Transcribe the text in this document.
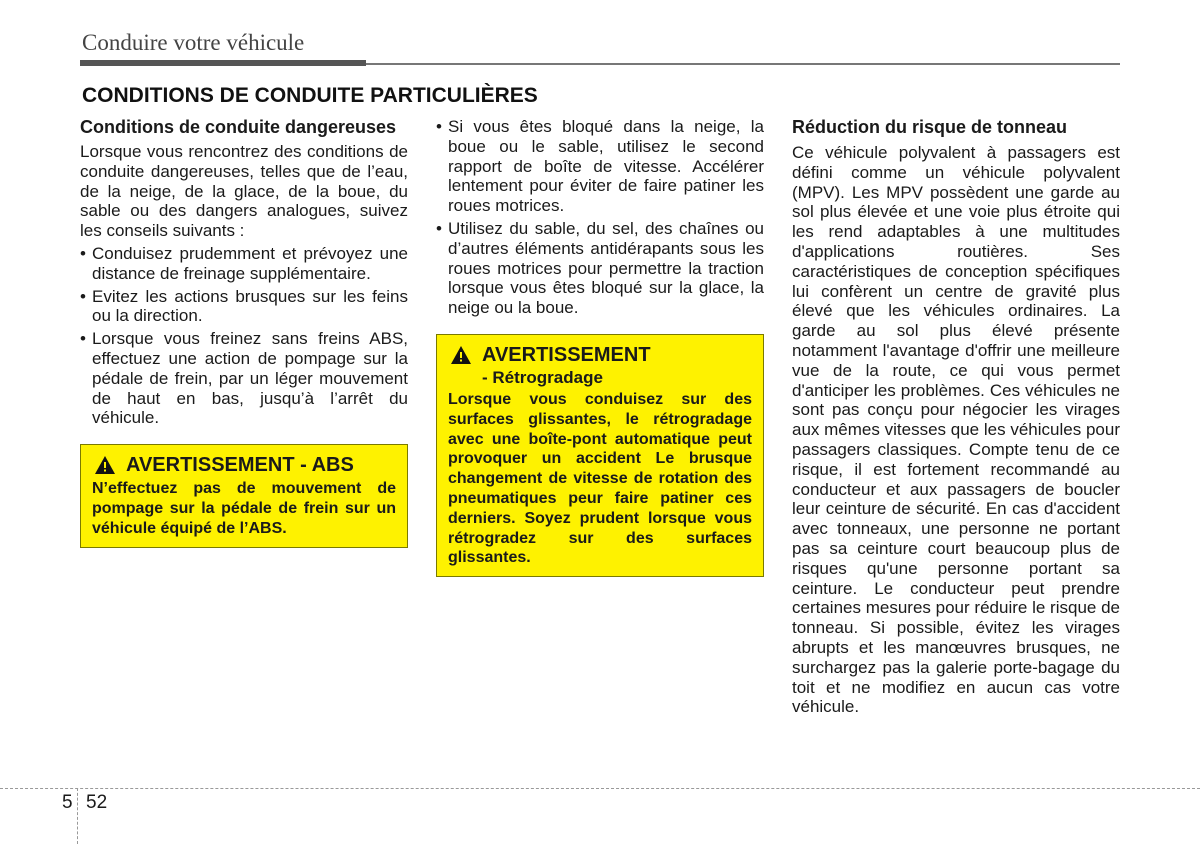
Conduire votre véhicule
CONDITIONS DE CONDUITE PARTICULIÈRES
Conditions de conduite dangereuses

Lorsque vous rencontrez des conditions de conduite dangereuses, telles que de l’eau, de la neige, de la glace, de la boue, du sable ou des dangers analogues, suivez les conseils suivants :

• Conduisez prudemment et prévoyez une distance de freinage supplémentaire.
• Evitez les actions brusques sur les feins ou la direction.
• Lorsque vous freinez sans freins ABS, effectuez une action de pompage sur la pédale de frein, par un léger mouvement de haut en bas, jusqu’à l’arrêt du véhicule.
AVERTISSEMENT - ABS
N’effectuez pas de mouvement de pompage sur la pédale de frein sur un véhicule équipé de l’ABS.
• Si vous êtes bloqué dans la neige, la boue ou le sable, utilisez le second rapport de boîte de vitesse. Accélérer lentement pour éviter de faire patiner les roues motrices.
• Utilisez du sable, du sel, des chaînes ou d’autres éléments antidérapants sous les roues motrices pour permettre la traction lorsque vous êtes bloqué sur la glace, la neige ou la boue.
AVERTISSEMENT
- Rétrogradage
Lorsque vous conduisez sur des surfaces glissantes, le rétrogradage avec une boîte-pont automatique peut provoquer un accident Le brusque changement de vitesse de rotation des pneumatiques peur faire patiner ces derniers. Soyez prudent lorsque vous rétrogradez sur des surfaces glissantes.
Réduction du risque de tonneau

Ce véhicule polyvalent à passagers est défini comme un véhicule polyvalent (MPV). Les MPV possèdent une garde au sol plus élevée et une voie plus étroite qui les rend adaptables à une multitudes d'applications routières. Ses caractéristiques de conception spécifiques lui confèrent un centre de gravité plus élevé que les véhicules ordinaires. La garde au sol plus élevé présente notamment l'avantage d'offrir une meilleure vue de la route, ce qui vous permet d'anticiper les problèmes. Ces véhicules ne sont pas conçu pour négocier les virages aux mêmes vitesses que les véhicules pour passagers classiques. Compte tenu de ce risque, il est fortement recommandé au conducteur et aux passagers de boucler leur ceinture de sécurité. En cas d'accident avec tonneaux, une personne ne portant pas sa ceinture court beaucoup plus de risques qu'une personne portant sa ceinture. Le conducteur peut prendre certaines mesures pour réduire le risque de tonneau. Si possible, évitez les virages abrupts et les manœuvres brusques, ne surchargez pas la galerie porte-bagage du toit et ne modifiez en aucun cas votre véhicule.

5 52
